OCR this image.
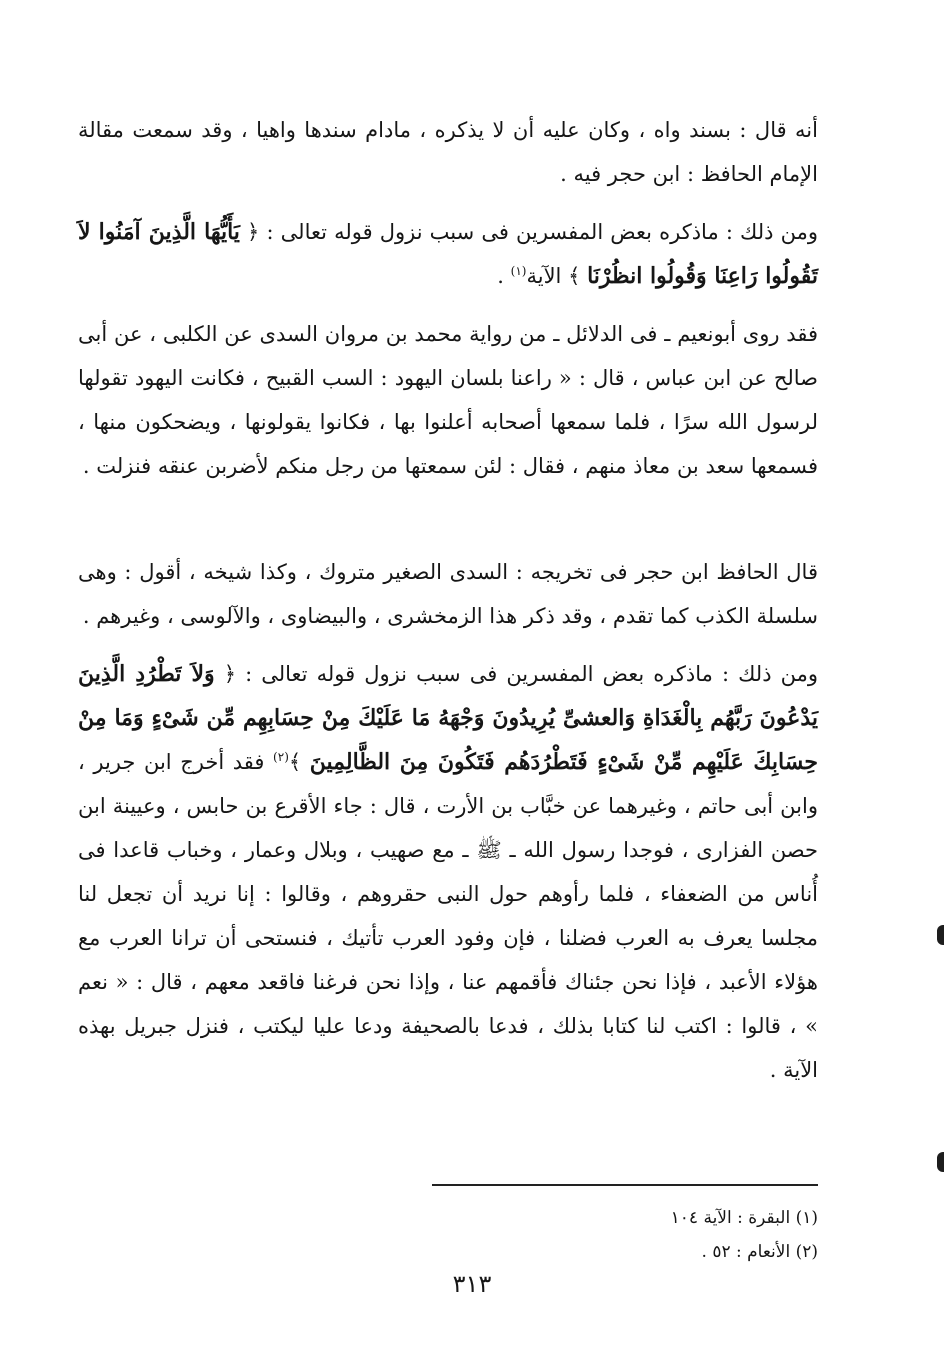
أنه قال : بسند واه ، وكان عليه أن لا يذكره ، مادام سندها واهيا ، وقد سمعت مقالة الإمام الحافظ : ابن حجر فيه .

ومن ذلك : ماذكره بعض المفسرين فى سبب نزول قوله تعالى : ﴿ يَأَيُّهَا الَّذِينَ آمَنُوا لاَ تَقُولُوا رَاعِنَا وَقُولُوا انظُرْنَا ﴾ الآية$^{(١)}$ .

فقد روى أبونعيم ـ فى الدلائل ـ من رواية محمد بن مروان السدى عن الكلبى ، عن أبى صالح عن ابن عباس ، قال : « راعنا بلسان اليهود : السب القبيح ، فكانت اليهود تقولها لرسول الله سرًا ، فلما سمعها أصحابه أعلنوا بها ، فكانوا يقولونها ، ويضحكون منها ، فسمعها سعد بن معاذ منهم ، فقال : لئن سمعتها من رجل منكم لأضربن عنقه فنزلت .

قال الحافظ ابن حجر فى تخريجه : السدى الصغير متروك ، وكذا شيخه ، أقول : وهى سلسلة الكذب كما تقدم ، وقد ذكر هذا الزمخشرى ، والبيضاوى ، والآلوسى ، وغيرهم .

ومن ذلك : ماذكره بعض المفسرين فى سبب نزول قوله تعالى : ﴿ وَلاَ تَطْرُدِ الَّذِينَ يَدْعُونَ رَبَّهُم بِالْغَدَاةِ وَالعشىِّ يُرِيدُونَ وَجْهَهُ مَا عَلَيْكَ مِنْ حِسَابِهِم مِّن شَىْءٍ وَمَا مِنْ حِسَابِكَ عَلَيْهِم مِّنْ شَىْءٍ فَتَطْرُدَهُم فَتَكُونَ مِنَ الظَّالِمِينَ ﴾$^{(٢)}$ فقد أخرج ابن جرير ، وابن أبى حاتم ، وغيرهما عن خبَّاب بن الأرت ، قال : جاء الأقرع بن حابس ، وعيينة ابن حصن الفزارى ، فوجدا رسول الله ـ ﷺ ـ مع صهيب ، وبلال وعمار ، وخباب قاعدا فى أُناس من الضعفاء ، فلما رأوهم حول النبى حقروهم ، وقالوا : إنا نريد أن تجعل لنا مجلسا يعرف به العرب فضلنا ، فإن وفود العرب تأتيك ، فنستحى أن ترانا العرب مع هؤلاء الأعبد ، فإذا نحن جئناك فأقمهم عنا ، وإذا نحن فرغنا فاقعد معهم ، قال : « نعم » ، قالوا : اكتب لنا كتابا بذلك ، فدعا بالصحيفة ودعا عليا ليكتب ، فنزل جبريل بهذه الآية .

(١) البقرة : الآية ١٠٤
(٢) الأنعام : ٥٢ .
٣١٣
